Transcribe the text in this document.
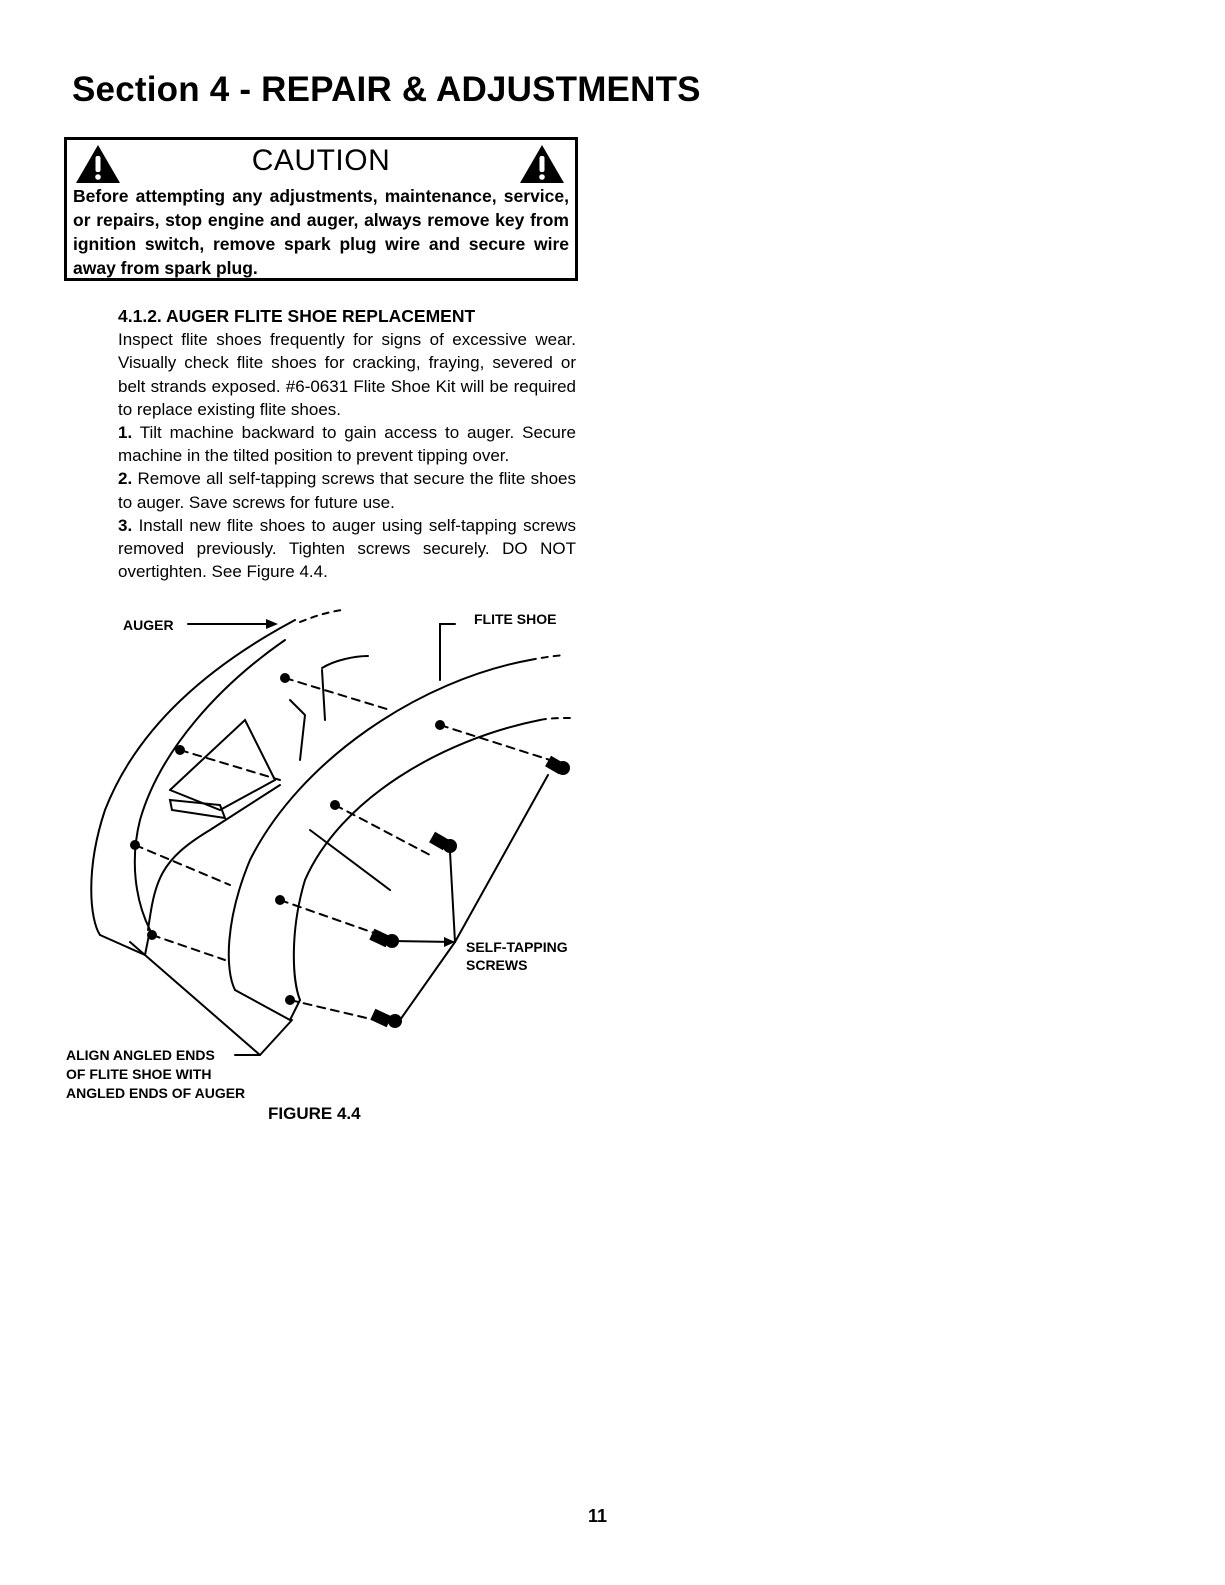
Section 4 - REPAIR & ADJUSTMENTS
CAUTION
Before attempting any adjustments, maintenance, service, or repairs, stop engine and auger, always remove key from ignition switch, remove spark plug wire and secure wire away from spark plug.

4.1.2. AUGER FLITE SHOE REPLACEMENT

Inspect flite shoes frequently for signs of excessive wear. Visually check flite shoes for cracking, fraying, severed or belt strands exposed. #6-0631 Flite Shoe Kit will be required to replace existing flite shoes.

1. Tilt machine backward to gain access to auger. Secure machine in the tilted position to prevent tipping over.

2. Remove all self-tapping screws that secure the flite shoes to auger. Save screws for future use.

3. Install new flite shoes to auger using self-tapping screws removed previously. Tighten screws securely. DO NOT overtighten. See Figure 4.4.

AUGER	FLITE SHOE
SELF-TAPPING
SCREWS
ALIGN ANGLED ENDS
OF FLITE SHOE WITH
ANGLED ENDS OF AUGER
FIGURE 4.4
11
